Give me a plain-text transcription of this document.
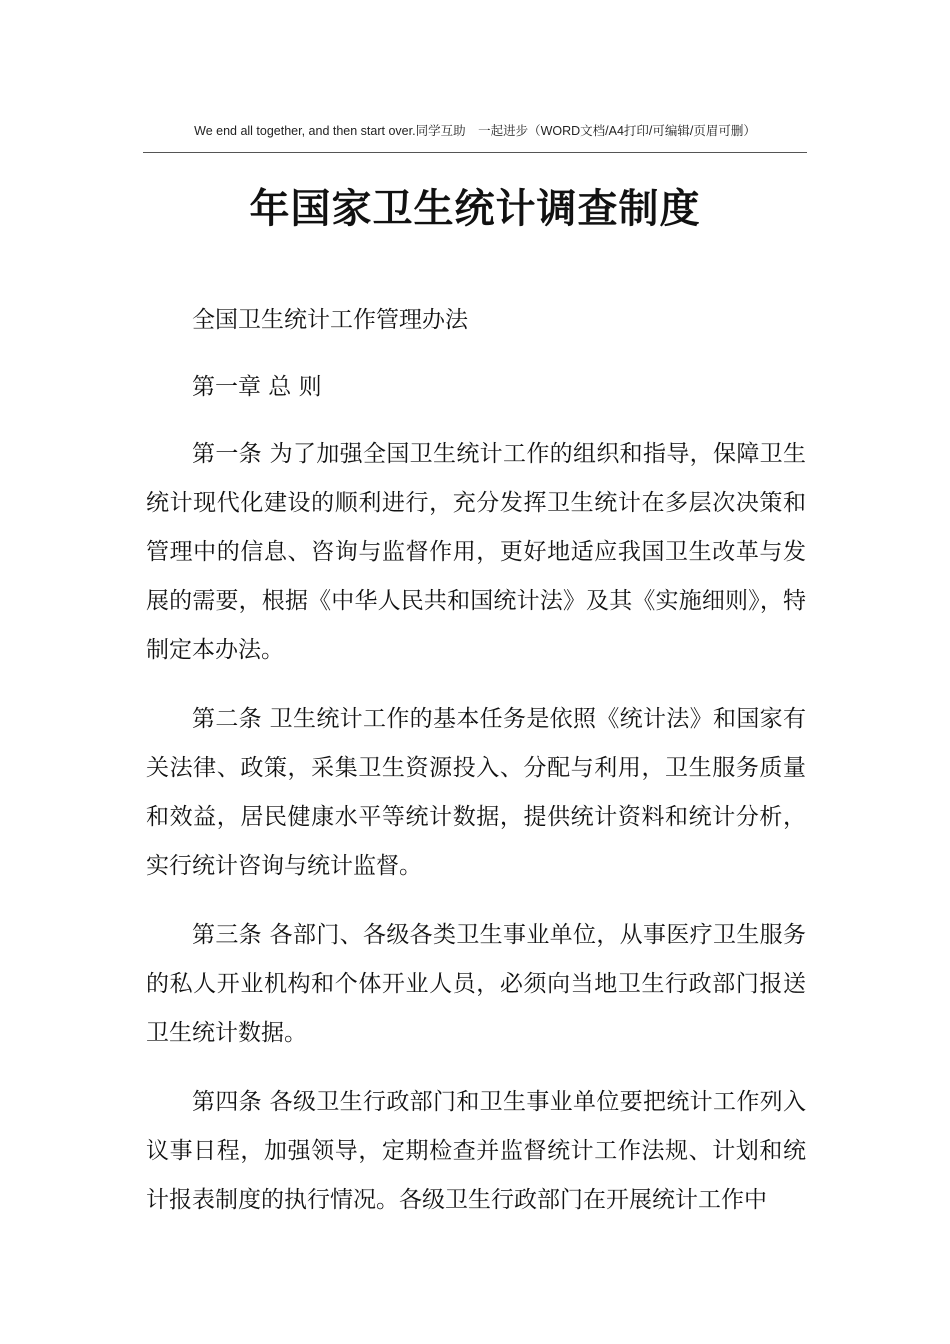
We end all together, and then start over.同学互助　一起进步（WORD文档/A4打印/可编辑/页眉可删）
年国家卫生统计调查制度

全国卫生统计工作管理办法

第一章 总 则

第一条 为了加强全国卫生统计工作的组织和指导，保障卫生统计现代化建设的顺利进行，充分发挥卫生统计在多层次决策和管理中的信息、咨询与监督作用，更好地适应我国卫生改革与发展的需要，根据《中华人民共和国统计法》及其《实施细则》，特制定本办法。

第二条 卫生统计工作的基本任务是依照《统计法》和国家有关法律、政策，采集卫生资源投入、分配与利用，卫生服务质量和效益，居民健康水平等统计数据，提供统计资料和统计分析，实行统计咨询与统计监督。

第三条 各部门、各级各类卫生事业单位，从事医疗卫生服务的私人开业机构和个体开业人员，必须向当地卫生行政部门报送卫生统计数据。

第四条 各级卫生行政部门和卫生事业单位要把统计工作列入议事日程，加强领导，定期检查并监督统计工作法规、计划和统计报表制度的执行情况。各级卫生行政部门在开展统计工作中
